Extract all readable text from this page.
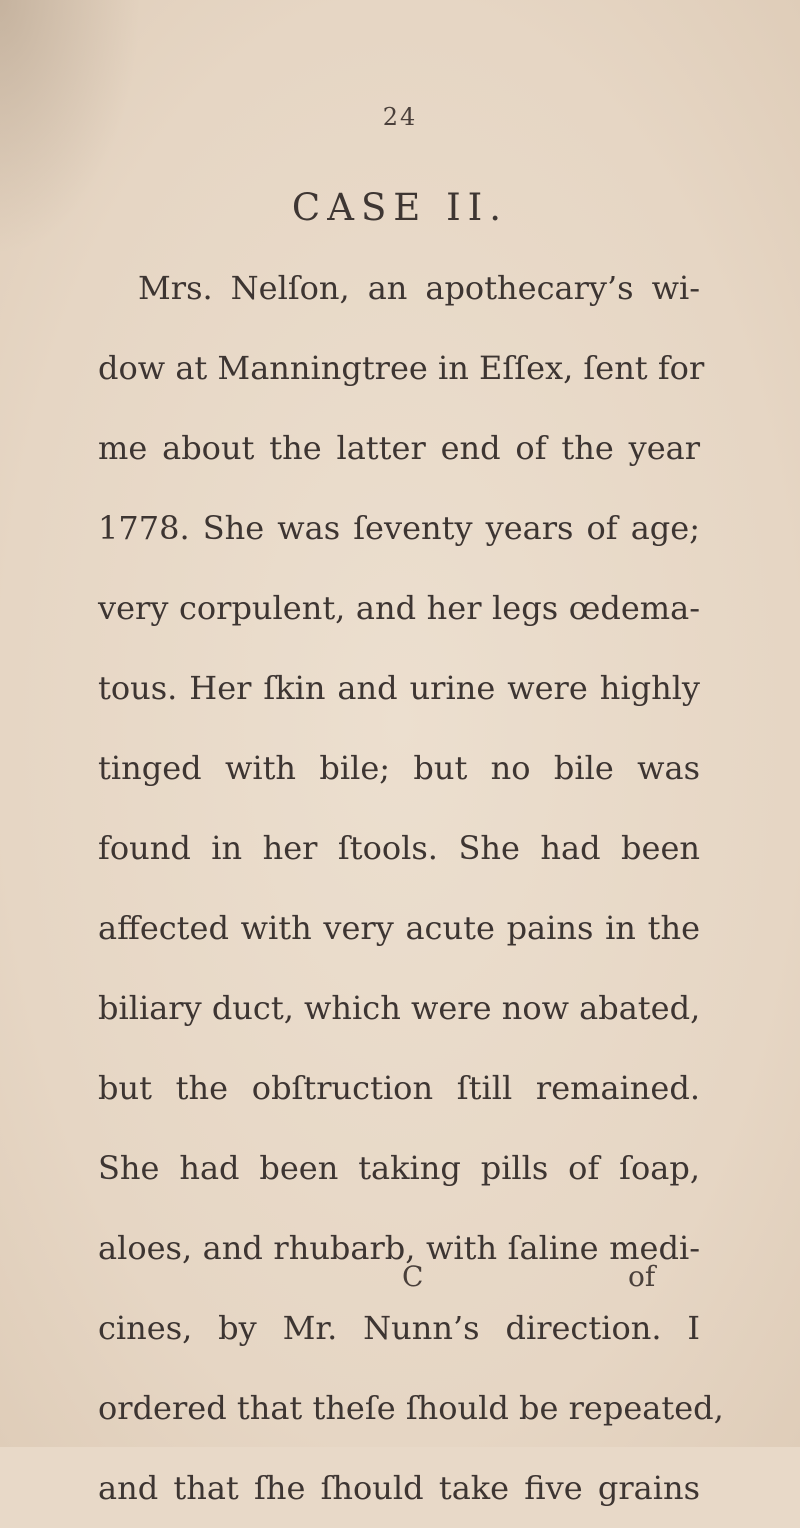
24
CASE II.
Mrs. Nelſon, an apothecary’s wi-
dow at Manningtree in Eſſex, ſent for
me about the latter end of the year
1778. She was ſeventy years of age;
very corpulent, and her legs œdema-
tous. Her ſkin and urine were highly
tinged with bile; but no bile was
found in her ſtools. She had been
affected with very acute pains in the
biliary duct, which were now abated,
but the obſtruction ſtill remained.
She had been taking pills of ſoap,
aloes, and rhubarb, with ſaline medi-
cines, by Mr. Nunn’s direction. I
ordered that theſe ſhould be repeated,
and that ſhe ſhould take five grains
C	of
